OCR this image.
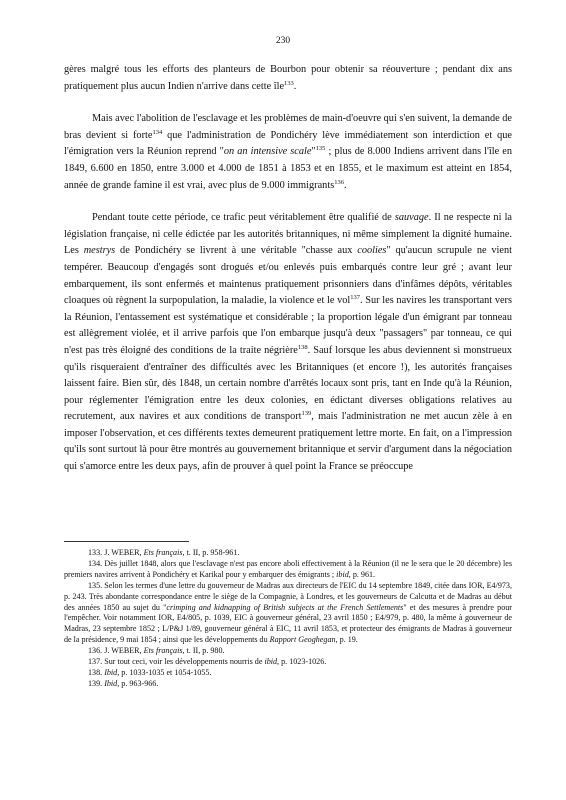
230

gères malgré tous les efforts des planteurs de Bourbon pour obtenir sa réouverture ; pendant dix ans pratiquement plus aucun Indien n'arrive dans cette île$^{133}$.

Mais avec l'abolition de l'esclavage et les problèmes de main-d'oeuvre qui s'en suivent, la demande de bras devient si forte$^{134}$ que l'administration de Pondichéry lève immédiatement son interdiction et que l'émigration vers la Réunion reprend "on an intensive scale"$^{135}$ ; plus de 8.000 Indiens arrivent dans l'île en 1849, 6.600 en 1850, entre 3.000 et 4.000 de 1851 à 1853 et en 1855, et le maximum est atteint en 1854, année de grande famine il est vrai, avec plus de 9.000 immigrants$^{136}$.

Pendant toute cette période, ce trafic peut véritablement être qualifié de sauvage. Il ne respecte ni la législation française, ni celle édictée par les autorités britanniques, ni même simplement la dignité humaine. Les mestrys de Pondichéry se livrent à une véritable "chasse aux coolies" qu'aucun scrupule ne vient tempérer. Beaucoup d'engagés sont drogués et/ou enlevés puis embarqués contre leur gré ; avant leur embarquement, ils sont enfermés et maintenus pratiquement prisonniers dans d'infâmes dépôts, véritables cloaques où règnent la surpopulation, la maladie, la violence et le vol$^{137}$. Sur les navires les transportant vers la Réunion, l'entassement est systématique et considérable ; la proportion légale d'un émigrant par tonneau est allègrement violée, et il arrive parfois que l'on embarque jusqu'à deux "passagers" par tonneau, ce qui n'est pas très éloigné des conditions de la traite négrière$^{138}$. Sauf lorsque les abus deviennent si monstrueux qu'ils risqueraient d'entraîner des difficultés avec les Britanniques (et encore !), les autorités françaises laissent faire. Bien sûr, dès 1848, un certain nombre d'arrêtés locaux sont pris, tant en Inde qu'à la Réunion, pour réglementer l'émigration entre les deux colonies, en édictant diverses obligations relatives au recrutement, aux navires et aux conditions de transport$^{139}$, mais l'administration ne met aucun zèle à en imposer l'observation, et ces différents textes demeurent pratiquement lettre morte. En fait, on a l'impression qu'ils sont surtout là pour être montrés au gouvernement britannique et servir d'argument dans la négociation qui s'amorce entre les deux pays, afin de prouver à quel point la France se préoccupe

133. J. WEBER, Ets français, t. II, p. 958-961.

134. Dès juillet 1848, alors que l'esclavage n'est pas encore aboli effectivement à la Réunion (il ne le sera que le 20 décembre) les premiers navires arrivent à Pondichéry et Karikal pour y embarquer des émigrants ; ibid, p. 961.

135. Selon les termes d'une lettre du gouverneur de Madras aux directeurs de l'EIC du 14 septembre 1849, citée dans IOR, E4/973, p. 243. Très abondante correspondance entre le siège de la Compagnie, à Londres, et les gouverneurs de Calcutta et de Madras au début des années 1850 au sujet du "crimping and kidnapping of British subjects at the French Settlements" et des mesures à prendre pour l'empêcher. Voir notamment IOR, E4/805, p. 1039, EIC à gouverneur général, 23 avril 1850 ; E4/979, p. 480, la même à gouverneur de Madras, 23 septembre 1852 ; L/P&J 1/89, gouverneur général à EIC, 11 avril 1853, et protecteur des émigrants de Madras à gouverneur de la présidence, 9 mai 1854 ; ainsi que les développements du Rapport Geoghegan, p. 19.

136. J. WEBER, Ets français, t. II, p. 980.

137. Sur tout ceci, voir les développements nourris de ibid, p. 1023-1026.

138. Ibid, p. 1033-1035 et 1054-1055.

139. Ibid, p. 963-966.
